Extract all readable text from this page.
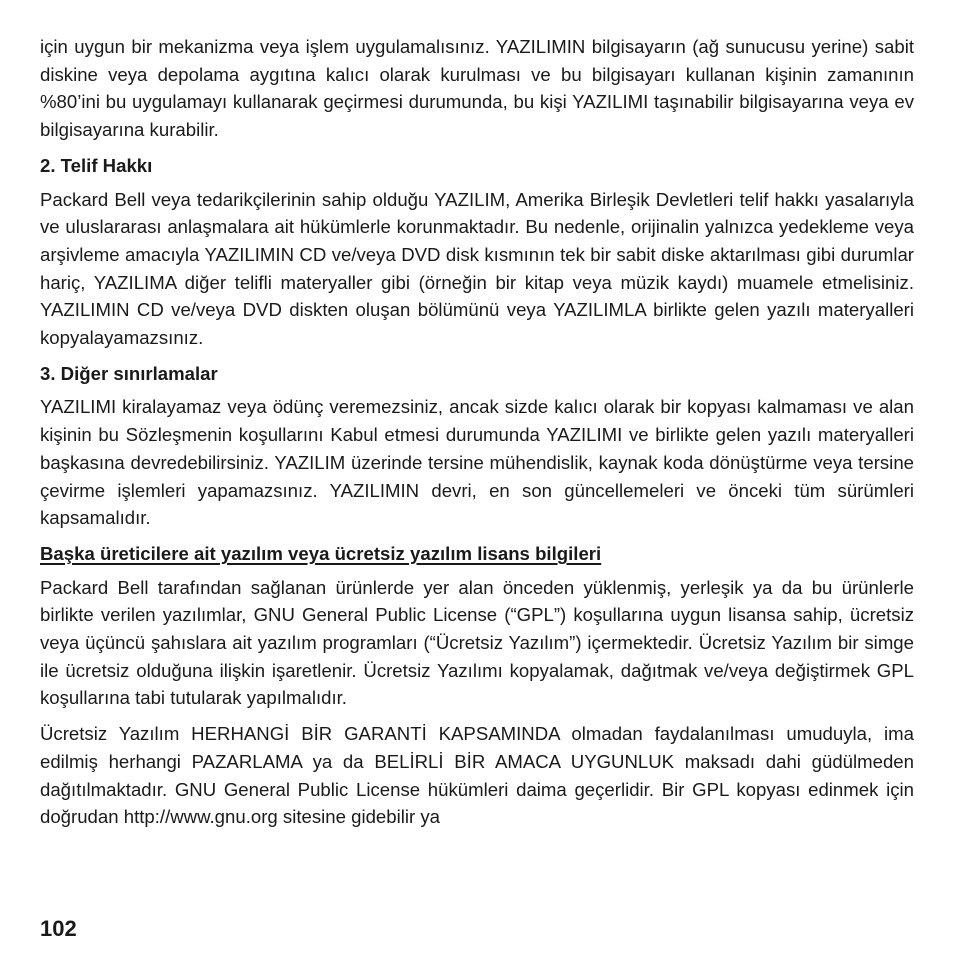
için uygun bir mekanizma veya işlem uygulamalısınız. YAZILIMIN bilgisayarın (ağ sunucusu yerine) sabit diskine veya depolama aygıtına kalıcı olarak kurulması ve bu bilgisayarı kullanan kişinin zamanının %80’ini bu uygulamayı kullanarak geçirmesi durumunda, bu kişi YAZILIMI taşınabilir bilgisayarına veya ev bilgisayarına kurabilir.

2. Telif Hakkı

Packard Bell veya tedarikçilerinin sahip olduğu YAZILIM, Amerika Birleşik Devletleri telif hakkı yasalarıyla ve uluslararası anlaşmalara ait hükümlerle korunmaktadır. Bu nedenle, orijinalin yalnızca yedekleme veya arşivleme amacıyla YAZILIMIN CD ve/veya DVD disk kısmının tek bir sabit diske aktarılması gibi durumlar hariç, YAZILIMA diğer telifli materyaller gibi (örneğin bir kitap veya müzik kaydı) muamele etmelisiniz. YAZILIMIN CD ve/veya DVD diskten oluşan bölümünü veya YAZILIMLA birlikte gelen yazılı materyalleri kopyalayamazsınız.

3. Diğer sınırlamalar

YAZILIMI kiralayamaz veya ödünç veremezsiniz, ancak sizde kalıcı olarak bir kopyası kalmaması ve alan kişinin bu Sözleşmenin koşullarını Kabul etmesi durumunda YAZILIMI ve birlikte gelen yazılı materyalleri başkasına devredebilirsiniz. YAZILIM üzerinde tersine mühendislik, kaynak koda dönüştürme veya tersine çevirme işlemleri yapamazsınız. YAZILIMIN devri, en son güncellemeleri ve önceki tüm sürümleri kapsamalıdır.

Başka üreticilere ait yazılım veya ücretsiz yazılım lisans bilgileri

Packard Bell tarafından sağlanan ürünlerde yer alan önceden yüklenmiş, yerleşik ya da bu ürünlerle birlikte verilen yazılımlar, GNU General Public License (“GPL”) koşullarına uygun lisansa sahip, ücretsiz veya üçüncü şahıslara ait yazılım programları (“Ücretsiz Yazılım”) içermektedir. Ücretsiz Yazılım bir simge ile ücretsiz olduğuna ilişkin işaretlenir. Ücretsiz Yazılımı kopyalamak, dağıtmak ve/veya değiştirmek GPL koşullarına tabi tutularak yapılmalıdır.

Ücretsiz Yazılım HERHANGİ BİR GARANTİ KAPSAMINDA olmadan faydalanılması umuduyla, ima edilmiş herhangi PAZARLAMA ya da BELİRLİ BİR AMACA UYGUNLUK maksadı dahi güdülmeden dağıtılmaktadır. GNU General Public License hükümleri daima geçerlidir. Bir GPL kopyası edinmek için doğrudan http://www.gnu.org sitesine gidebilir ya

102
